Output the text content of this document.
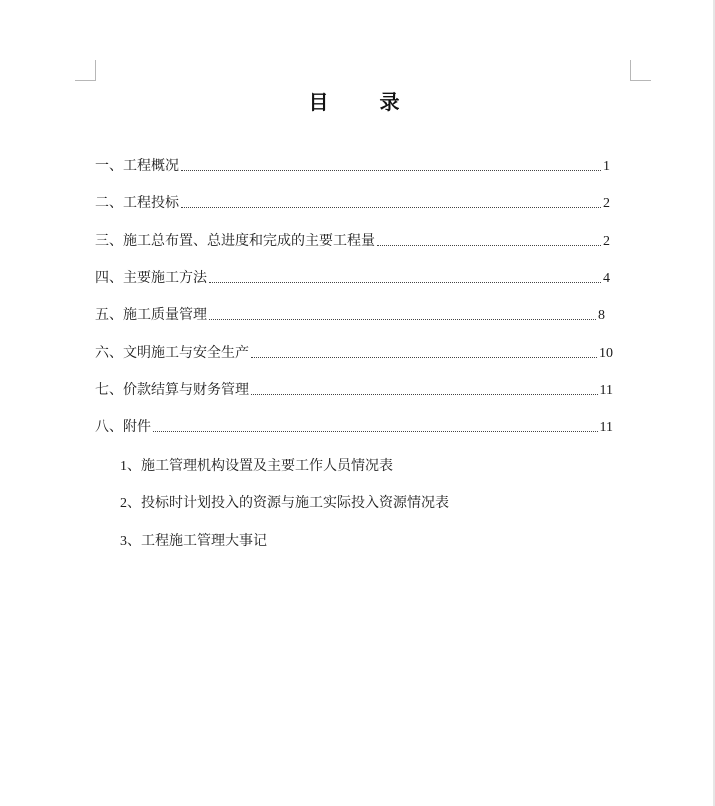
目 录
一、工程概况	1
二、工程投标	2
三、施工总布置、总进度和完成的主要工程量	2
四、主要施工方法	4
五、施工质量管理	8
六、文明施工与安全生产	10
七、价款结算与财务管理	11
八、附件	11
1、施工管理机构设置及主要工作人员情况表
2、投标时计划投入的资源与施工实际投入资源情况表
3、工程施工管理大事记
